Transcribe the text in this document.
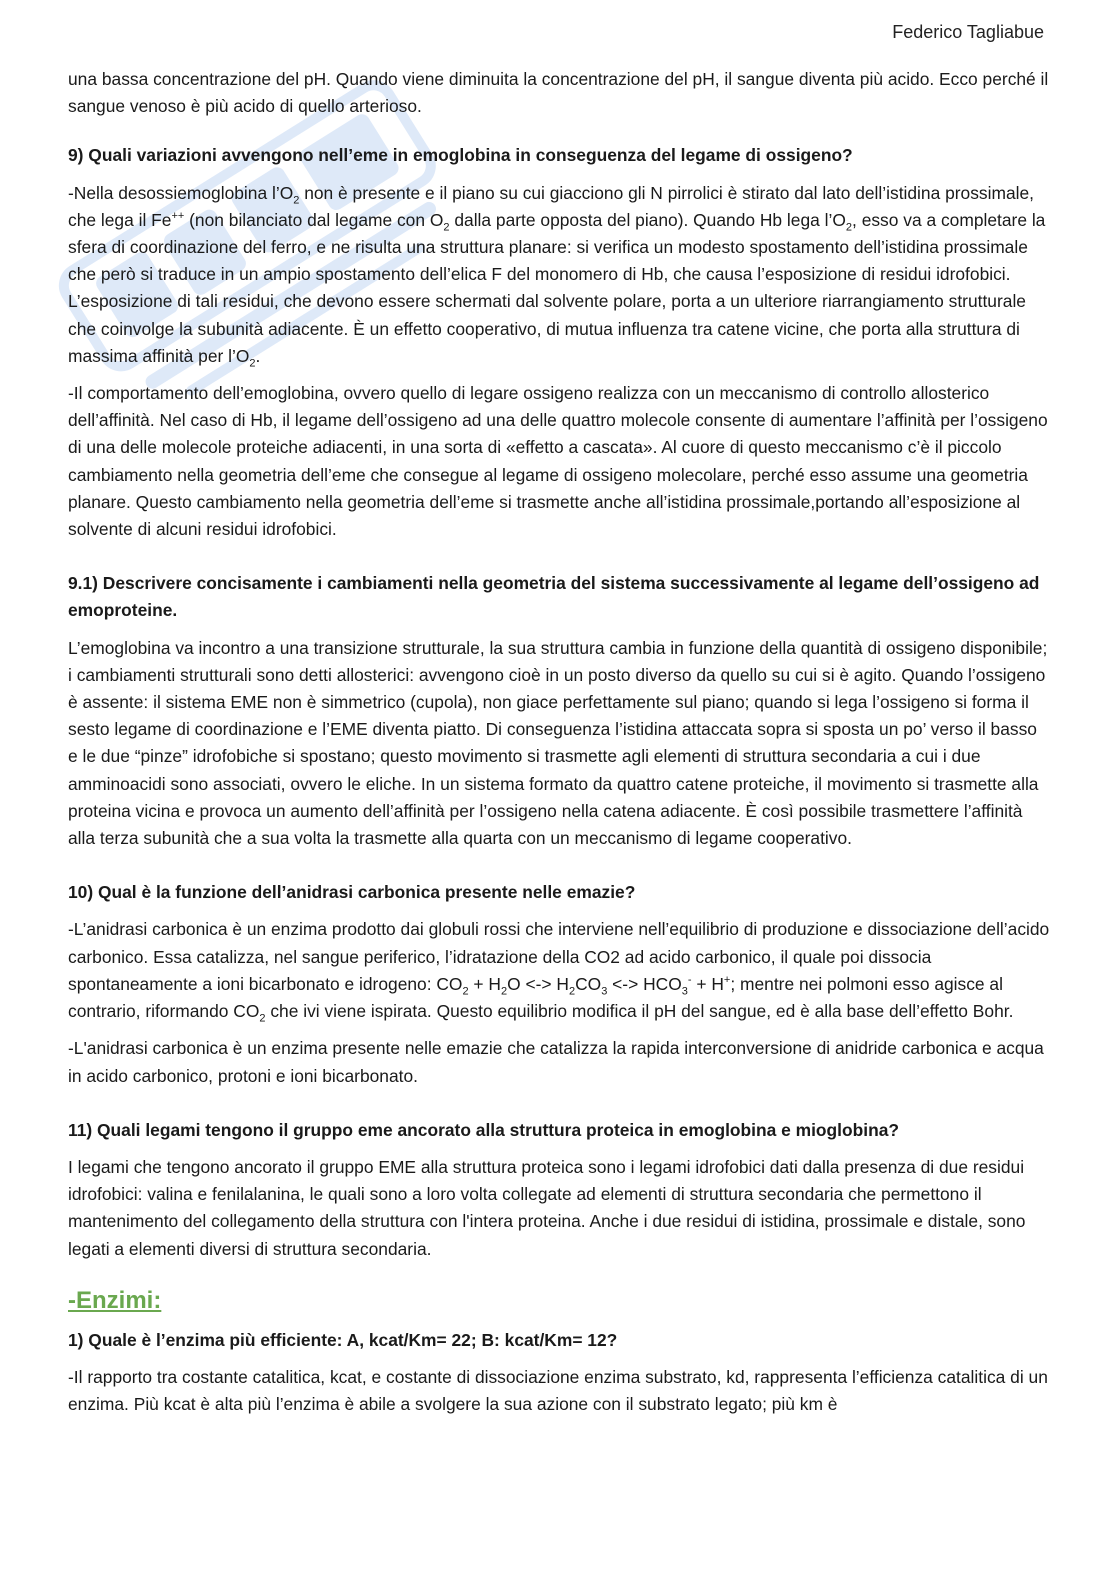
Federico Tagliabue

una bassa concentrazione del pH. Quando viene diminuita la concentrazione del pH, il sangue diventa più acido. Ecco perché il sangue venoso è più acido di quello arterioso.

9) Quali variazioni avvengono nell’eme in emoglobina in conseguenza del legame di ossigeno?

-Nella desossiemoglobina $l’O_2$ non è presente e il piano su cui giacciono gli N pirrolici è stirato dal lato dell’istidina prossimale, che lega il Fe++ (non bilanciato dal legame con $O_2$ dalla parte opposta del piano). Quando Hb lega $l’O_2$, esso va a completare la sfera di coordinazione del ferro, e ne risulta una struttura planare: si verifica un modesto spostamento dell’istidina prossimale che però si traduce in un ampio spostamento dell’elica F del monomero di Hb, che causa l’esposizione di residui idrofobici. L’esposizione di tali residui, che devono essere schermati dal solvente polare, porta a un ulteriore riarrangiamento strutturale che coinvolge la subunità adiacente. È un effetto cooperativo, di mutua influenza tra catene vicine, che porta alla struttura di massima affinità per $l’O_2$.

-Il comportamento dell’emoglobina, ovvero quello di legare ossigeno realizza con un meccanismo di controllo allosterico dell’affinità. Nel caso di Hb, il legame dell’ossigeno ad una delle quattro molecole consente di aumentare l’affinità per l’ossigeno di una delle molecole proteiche adiacenti, in una sorta di «effetto a cascata». Al cuore di questo meccanismo c’è il piccolo cambiamento nella geometria dell’eme che consegue al legame di ossigeno molecolare, perché esso assume una geometria planare. Questo cambiamento nella geometria dell’eme si trasmette anche all’istidina prossimale,portando all’esposizione al solvente di alcuni residui idrofobici.

9.1) Descrivere concisamente i cambiamenti nella geometria del sistema successivamente al legame dell’ossigeno ad emoproteine.

L’emoglobina va incontro a una transizione strutturale, la sua struttura cambia in funzione della quantità di ossigeno disponibile; i cambiamenti strutturali sono detti allosterici: avvengono cioè in un posto diverso da quello su cui si è agito. Quando l’ossigeno è assente: il sistema EME non è simmetrico (cupola), non giace perfettamente sul piano; quando si lega l’ossigeno si forma il sesto legame di coordinazione e l’EME diventa piatto. Di conseguenza l’istidina attaccata sopra si sposta un po’ verso il basso e le due “pinze” idrofobiche si spostano; questo movimento si trasmette agli elementi di struttura secondaria a cui i due amminoacidi sono associati, ovvero le eliche. In un sistema formato da quattro catene proteiche, il movimento si trasmette alla proteina vicina e provoca un aumento dell’affinità per l’ossigeno nella catena adiacente. È così possibile trasmettere l’affinità alla terza subunità che a sua volta la trasmette alla quarta con un meccanismo di legame cooperativo.

10) Qual è la funzione dell’anidrasi carbonica presente nelle emazie?

-L’anidrasi carbonica è un enzima prodotto dai globuli rossi che interviene nell’equilibrio di produzione e dissociazione dell’acido carbonico. Essa catalizza, nel sangue periferico, l’idratazione della CO2 ad acido carbonico, il quale poi dissocia spontaneamente a ioni bicarbonato e idrogeno: $CO_2 + H_2O$ <-> $H_2CO_3$ <-> $HCO_3^- + H^+$; mentre nei polmoni esso agisce al contrario, riformando $CO_2$ che ivi viene ispirata. Questo equilibrio modifica il pH del sangue, ed è alla base dell’effetto Bohr.

-L'anidrasi carbonica è un enzima presente nelle emazie che catalizza la rapida interconversione di anidride carbonica e acqua in acido carbonico, protoni e ioni bicarbonato.

11) Quali legami tengono il gruppo eme ancorato alla struttura proteica in emoglobina e mioglobina?

I legami che tengono ancorato il gruppo EME alla struttura proteica sono i legami idrofobici dati dalla presenza di due residui idrofobici: valina e fenilalanina, le quali sono a loro volta collegate ad elementi di struttura secondaria che permettono il mantenimento del collegamento della struttura con l'intera proteina. Anche i due residui di istidina, prossimale e distale, sono legati a elementi diversi di struttura secondaria.

-Enzimi:

1) Quale è l’enzima più efficiente: A, kcat/Km= 22; B: kcat/Km= 12?

-Il rapporto tra costante catalitica, kcat, e costante di dissociazione enzima substrato, kd, rappresenta l’efficienza catalitica di un enzima. Più kcat è alta più l’enzima è abile a svolgere la sua azione con il substrato legato; più km è
